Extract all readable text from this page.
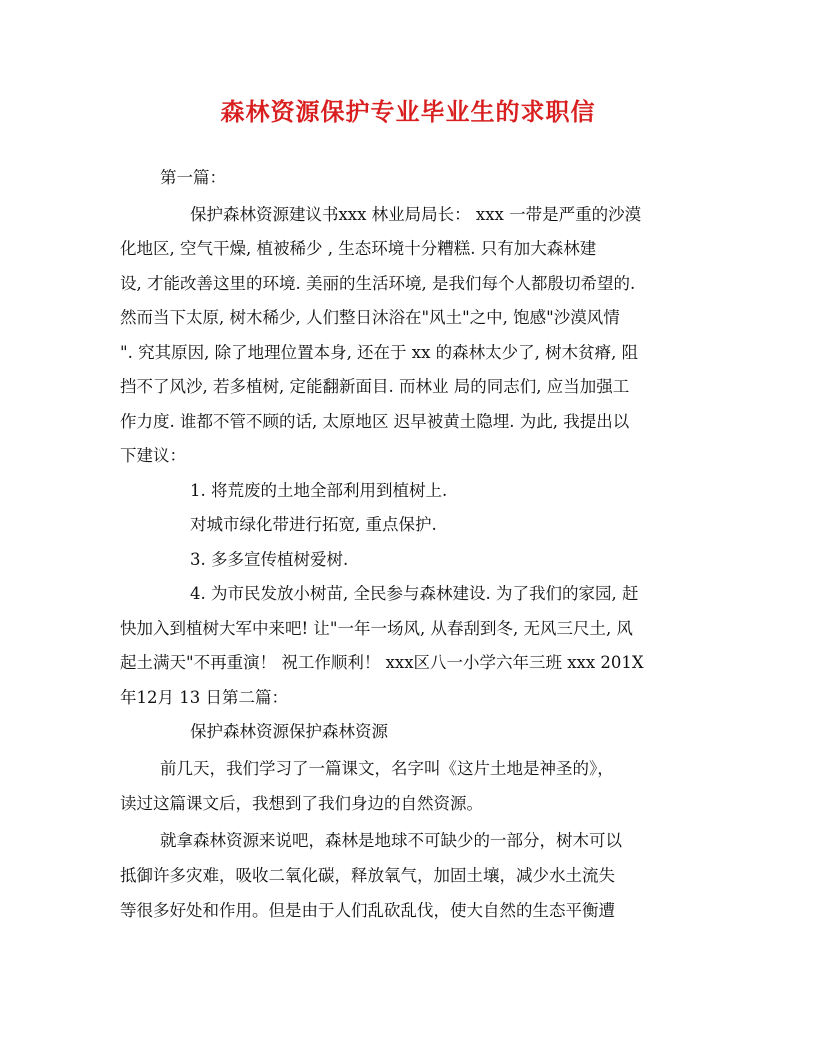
森林资源保护专业毕业生的求职信
第一篇：
保护森林资源建议书xxx 林业局局长： xxx 一带是严重的沙漠
化地区, 空气干燥, 植被稀少 , 生态环境十分糟糕. 只有加大森林建
设, 才能改善这里的环境. 美丽的生活环境, 是我们每个人都殷切希望的.
然而当下太原, 树木稀少, 人们整日沐浴在"风土"之中, 饱感"沙漠风情
". 究其原因, 除了地理位置本身, 还在于 xx 的森林太少了, 树木贫瘠, 阻
挡不了风沙, 若多植树, 定能翻新面目. 而林业 局的同志们, 应当加强工
作力度. 谁都不管不顾的话, 太原地区 迟早被黄土隐埋. 为此, 我提出以
下建议：
1. 将荒废的土地全部利用到植树上.
对城市绿化带进行拓宽, 重点保护.
3. 多多宣传植树爱树.
4. 为市民发放小树苗, 全民参与森林建设. 为了我们的家园, 赶
快加入到植树大军中来吧! 让"一年一场风, 从春刮到冬, 无风三尺土, 风
起土满天"不再重演！ 祝工作顺利！ xxx区八一小学六年三班 xxx 201X
年12月 13 日第二篇：
保护森林资源保护森林资源
前几天，我们学习了一篇课文，名字叫《这片土地是神圣的》，
读过这篇课文后，我想到了我们身边的自然资源。
就拿森林资源来说吧，森林是地球不可缺少的一部分，树木可以
抵御许多灾难，吸收二氧化碳，释放氧气，加固土壤，减少水土流失
等很多好处和作用。但是由于人们乱砍乱伐，使大自然的生态平衡遭
